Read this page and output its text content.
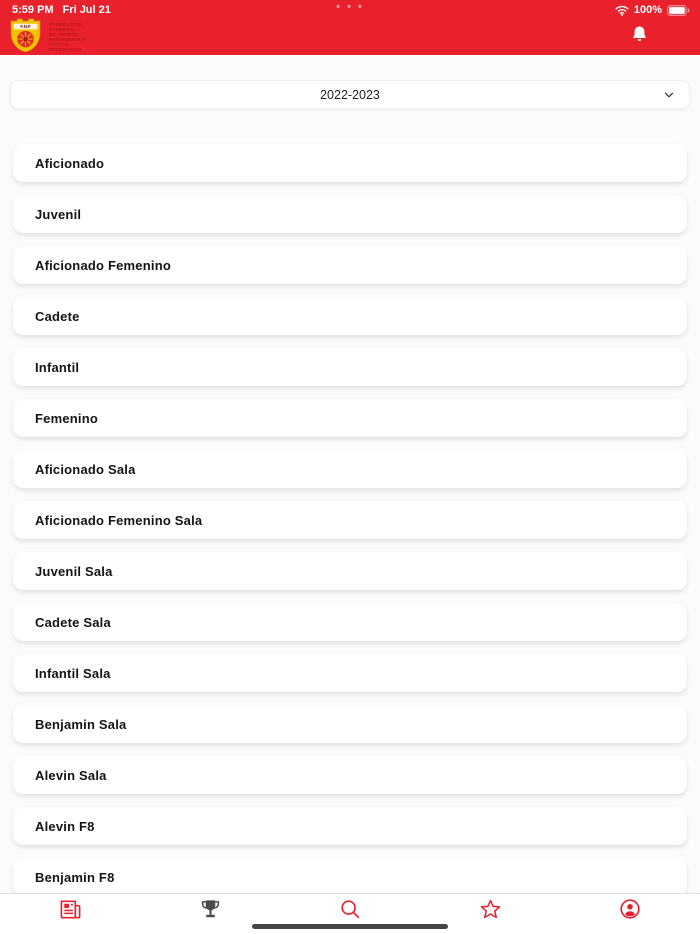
5:59 PM Fri Jul 21	• • •	100%
F.N.F	FEDERACIÓN
NAVARRA
DE FÚTBOL
NAFARROAKO
FUTBOL
FEDERAZIOA
2022-2023
Aficionado
Juvenil
Aficionado Femenino
Cadete
Infantil
Femenino
Aficionado Sala
Aficionado Femenino Sala
Juvenil Sala
Cadete Sala
Infantil Sala
Benjamin Sala
Alevin Sala
Alevin F8
Benjamin F8
